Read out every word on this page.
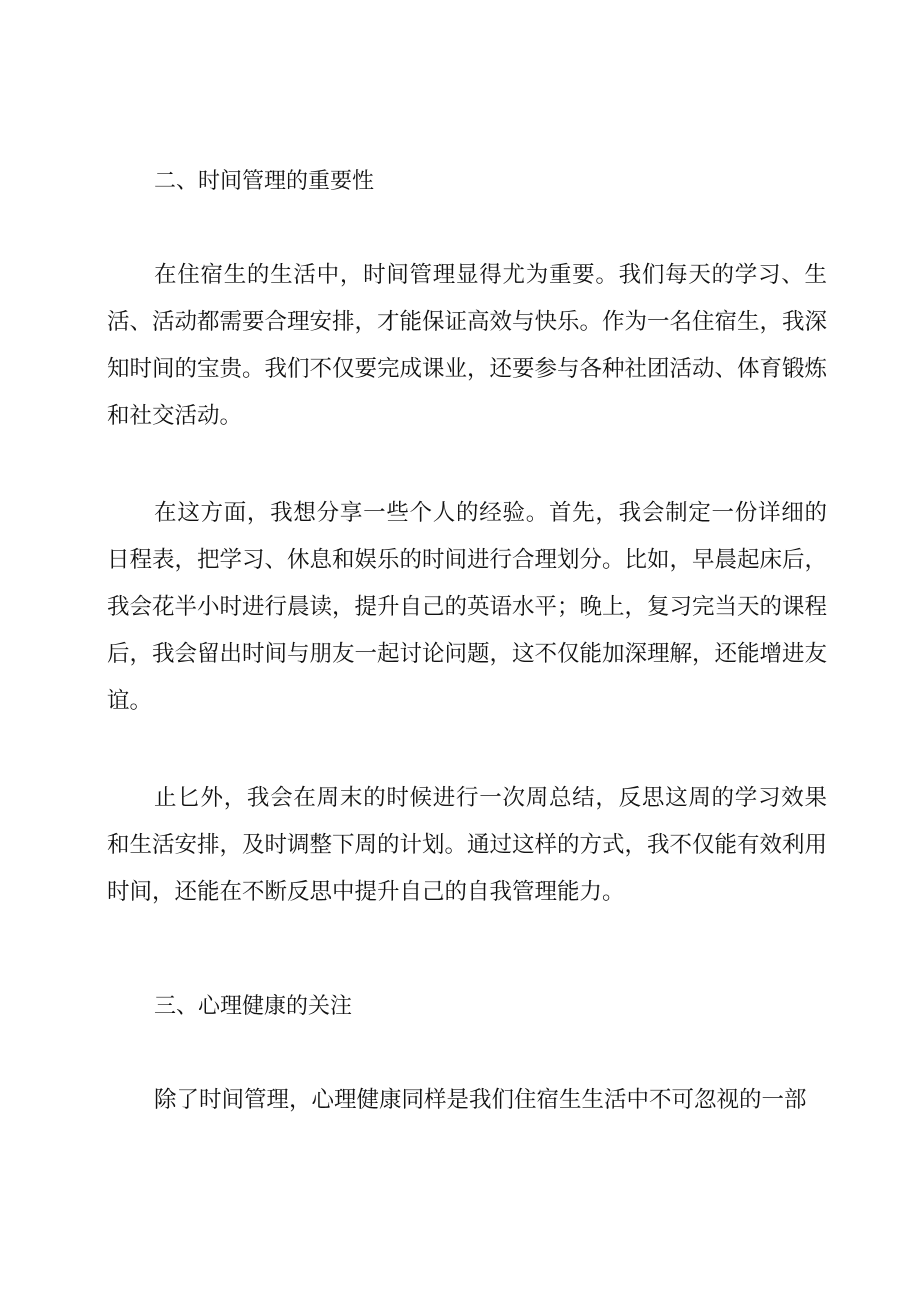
二、时间管理的重要性

在住宿生的生活中，时间管理显得尤为重要。我们每天的学习、生活、活动都需要合理安排，才能保证高效与快乐。作为一名住宿生，我深知时间的宝贵。我们不仅要完成课业，还要参与各种社团活动、体育锻炼和社交活动。

在这方面，我想分享一些个人的经验。首先，我会制定一份详细的日程表，把学习、休息和娱乐的时间进行合理划分。比如，早晨起床后，我会花半小时进行晨读，提升自己的英语水平；晚上，复习完当天的课程后，我会留出时间与朋友一起讨论问题，这不仅能加深理解，还能增进友谊。

止匕外，我会在周末的时候进行一次周总结，反思这周的学习效果和生活安排，及时调整下周的计划。通过这样的方式，我不仅能有效利用时间，还能在不断反思中提升自己的自我管理能力。

三、心理健康的关注

除了时间管理，心理健康同样是我们住宿生生活中不可忽视的一部
